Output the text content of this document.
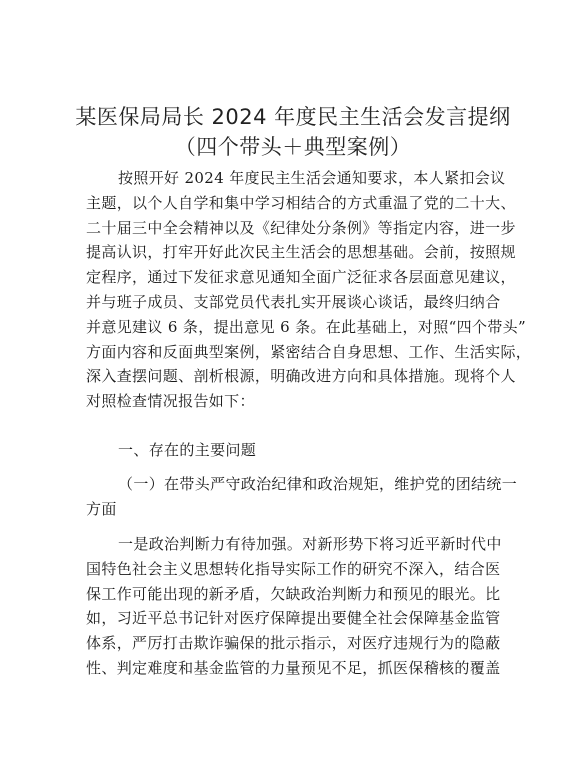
某医保局局长 2024 年度民主生活会发言提纲
（四个带头＋典型案例）
按照开好 2024 年度民主生活会通知要求，本人紧扣会议
主题，以个人自学和集中学习相结合的方式重温了党的二十大、
二十届三中全会精神以及《纪律处分条例》等指定内容，进一步
提高认识，打牢开好此次民主生活会的思想基础。会前，按照规
定程序，通过下发征求意见通知全面广泛征求各层面意见建议，
并与班子成员、支部党员代表扎实开展谈心谈话，最终归纳合
并意见建议 6 条，提出意见 6 条。在此基础上，对照“四个带头”
方面内容和反面典型案例，紧密结合自身思想、工作、生活实际，
深入查摆问题、剖析根源，明确改进方向和具体措施。现将个人
对照检查情况报告如下：
一、存在的主要问题
（一）在带头严守政治纪律和政治规矩，维护党的团结统一
方面
一是政治判断力有待加强。对新形势下将习近平新时代中
国特色社会主义思想转化指导实际工作的研究不深入，结合医
保工作可能出现的新矛盾，欠缺政治判断力和预见的眼光。比
如，习近平总书记针对医疗保障提出要健全社会保障基金监管
体系，严厉打击欺诈骗保的批示指示，对医疗违规行为的隐蔽
性、判定难度和基金监管的力量预见不足，抓医保稽核的覆盖
